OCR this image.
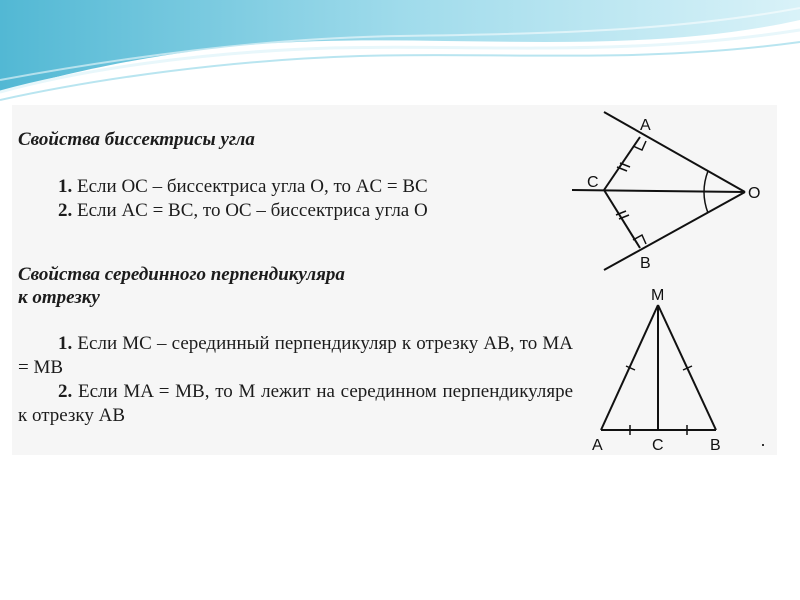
Свойства биссектрисы угла

1. Если OC – биссектриса угла O, то AC = BC
2. Если AC = BC, то OC – биссектриса угла O

Свойства серединного перпендикуляра
к отрезку

1. Если MC – серединный перпендикуляр к отрезку AB, то MA = MB
2. Если MA = MB, то M лежит на серединном перпендикуляре к отрезку AB
A
C
O
B
M
A	C	B
